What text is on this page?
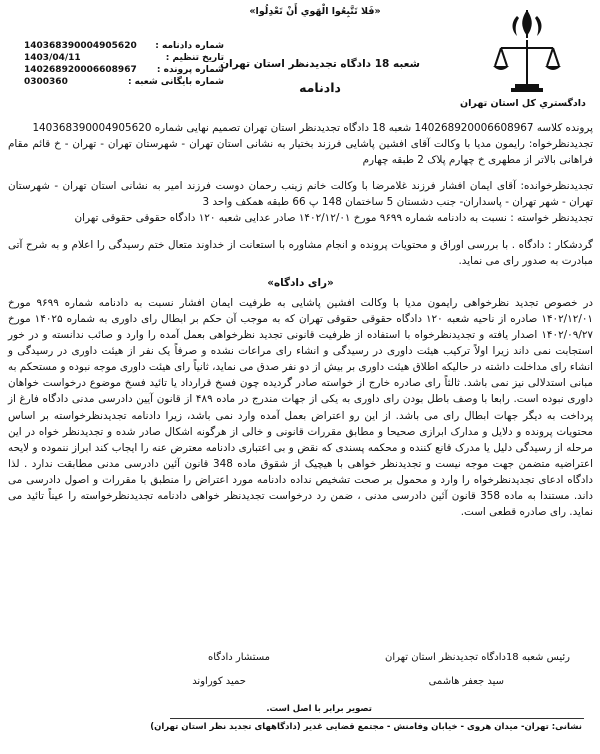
دادگستري كل استان تهران
«فَلا تَتَّبِعُوا الْهَوي أَنْ تَعْدِلُوا»
شعبه 18 دادگاه تجدیدنظر استان تهران
دادنامه
140368390004905620 شماره دادنامه :
1403/04/11	تاریخ تنظیم :
140268920006608967 شماره پرونده :
0300360	شماره بایگانی شعبه :

پرونده كلاسه 140268920006608967 شعبه 18 دادگاه تجدیدنظر استان تهران تصمیم نهایی شماره 140368390004905620

تجدیدنظرخواه: رایمون مدیا با وكالت آقای افشین پاشایی فرزند بختیار به نشانی استان تهران - شهرستان تهران - تهران - خ قائم مقام فراهانی بالاتر از مطهری خ چهارم پلاک 2 طبقه چهارم

تجدیدنظرخوانده: آقای ایمان افشار فرزند غلامرضا با وكالت خانم زینب رحمان دوست فرزند امیر به نشانی استان تهران - شهرستان تهران - شهر تهران - پاسداران- جنب دشستان 5 ساختمان 148 پ 66 طبقه همكف واحد 3

تجدیدنظر خواسته : نسبت به دادنامه شماره ۹۶۹۹ مورخ ۱۴۰۲/۱۲/۰۱ صادر عدایی شعبه ۱۲۰ دادگاه حقوقی حقوقی تهران

گردشكار : دادگاه . با بررسی اوراق و محتویات پرونده و انجام مشاوره با استعانت از خداوند متعال ختم رسیدگی را اعلام و به شرح آتی مبادرت به صدور رای می نماید.

«رای دادگاه»

در خصوص تجدید نظرخواهی رایمون مدیا با وكالت افشین پاشایی به طرفیت ایمان افشار نسبت به دادنامه شماره ۹۶۹۹ مورخ ۱۴۰۲/۱۲/۰۱ صادره از ناحیه شعبه ۱۲۰ دادگاه حقوقی حقوقی تهران كه به موجب آن حكم بر ابطال رای داوری به شماره ۱۴۰۲۵ مورخ ۱۴۰۲/۰۹/۲۷ اصدار یافته و تجدیدنظرخواه با استفاده از ظرفیت قانونی تجدید نظرخواهی بعمل آمده را وارد و صائب ندانسته و در خور استجابت نمی داند زیرا اولاً تركیب هیئت داوری در رسیدگی و انشاء رای مراعات نشده و صرفاً یک نفر از هیئت داوری در رسیدگی و انشاء رای مداخلت داشته در حالیكه اطلاق هیئت داوری بر بیش از دو نفر صدق می نماید، ثانیاً رای هیئت داوری موجه نبوده و مستحكم به مبانی استدلالی نیز نمی باشد. ثالثاً رای صادره خارج از خواسته صادر گردیده چون فسخ قرارداد یا تائید فسخ موضوع درخواست خواهان داوری نبوده است. رابعا با وصف باطل بودن رای داوری به یكی از جهات مندرج در ماده ۴۸۹ از قانون آیین دادرسی مدنی دادگاه فارغ از پرداخت به دیگر جهات ابطال رای می باشد. از این رو اعتراض بعمل آمده وارد نمی باشد، زیرا دادنامه تجدیدنظرخواسته بر اساس محتویات پرونده و دلایل و مدارک ابرازی صحیحا و مطابق مقررات قانونی و خالی از هرگونه اشكال صادر شده و تجدیدنظر خواه در این مرحله از رسیدگی دلیل یا مدرک قانع كننده و محكمه پسندی كه نقض و بی اعتباری دادنامه معترض عنه را ایجاب كند ابراز ننموده و لایحه اعتراضیه متضمن جهت موجه نیست و تجدیدنظر خواهی با هیچیک از شقوق ماده 348 قانون آئین دادرسی مدنی مطابقت ندارد . لذا دادگاه ادعای تجدیدنظرخواه را وارد و محمول بر صحت تشخیص نداده دادنامه مورد اعتراض را منطبق با مقررات و اصول دادرسی می داند. مستندا به ماده 358 قانون آئین دادرسی مدنی ، ضمن رد درخواست تجدیدنظر خواهی دادنامه تجدیدنظرخواسته را عیناً تائید می نماید. رای صادره قطعی است.

رئیس شعبه 18دادگاه تجدیدنظر استان تهران
سید جعفر هاشمی
مستشار دادگاه
حمید كوراوند
تصویر برابر با اصل است.
نشانی: تهران- میدان هروی - خیابان وفامنش - مجتمع قضایی غدیر (دادگاههای تجدید نظر استان تهران)
